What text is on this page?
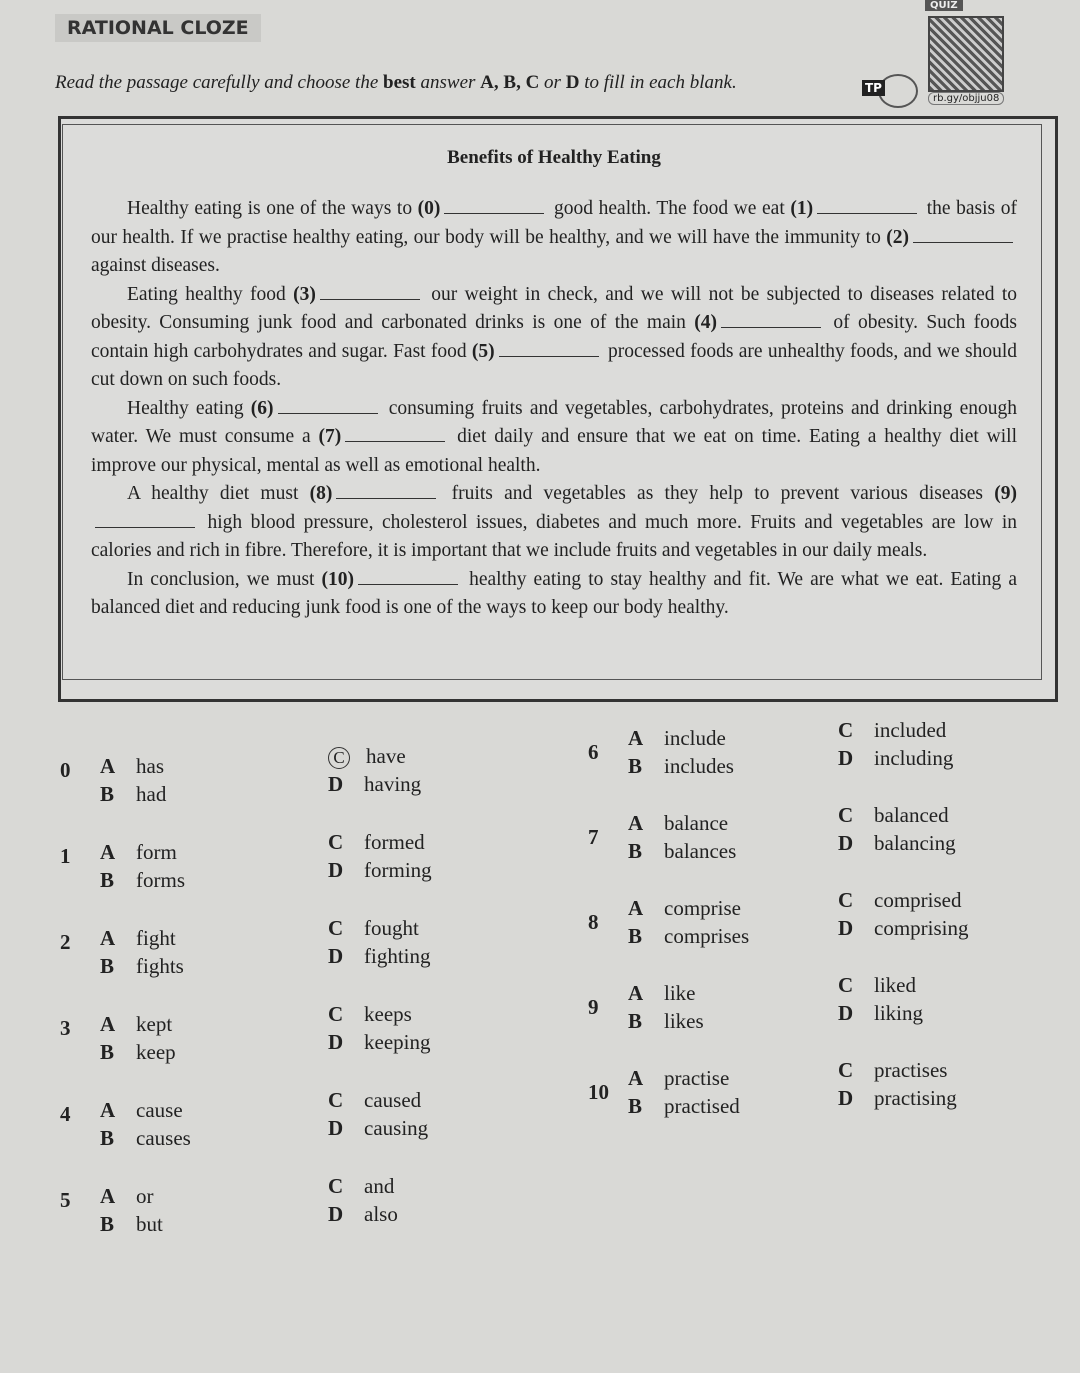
RATIONAL CLOZE
Read the passage carefully and choose the best answer A, B, C or D to fill in each blank.	TP
QUIZ
rb.gy/objju08
Benefits of Healthy Eating

Healthy eating is one of the ways to (0)	good health. The food we eat (1)	the basis of our health. If we practise healthy eating, our body will be healthy, and we will have the immunity to (2) against diseases.

Eating healthy food (3)	our weight in check, and we will not be subjected to diseases related to obesity. Consuming junk food and carbonated drinks is one of the main (4)	of obesity. Such foods contain high carbohydrates and sugar. Fast food (5)	processed foods are unhealthy foods, and we should cut down on such foods.

Healthy eating (6)	consuming fruits and vegetables, carbohydrates, proteins and drinking enough water. We must consume a (7)	diet daily and ensure that we eat on time. Eating a healthy diet will improve our physical, mental as well as emotional health.

A healthy diet must (8)	fruits and vegetables as they help to prevent various diseases (9) high blood pressure, cholesterol issues, diabetes and much more. Fruits and vegetables are low in calories and rich in fibre. Therefore, it is important that we include fruits and vegetables in our daily meals.

In conclusion, we must (10)	healthy eating to stay healthy and fit. We are what we eat. Eating a balanced diet and reducing junk food is one of the ways to keep our body healthy.

0 A has
B had
C have
D having
1 A form
B forms
C formed
D forming
2 A fight
B fights
C fought
D fighting
3 A kept
B keep
C keeps
D keeping
4 A cause
B causes
C caused
D causing
5 A or
B but
C and
D also
6
A include
B includes
C included
D including
7
A balance
B balances
C balanced
D balancing
8
A comprise
B comprises
C comprised
D comprising
9
A like
B likes
C liked
D liking
10
A practise
B practised
C practises
D practising
